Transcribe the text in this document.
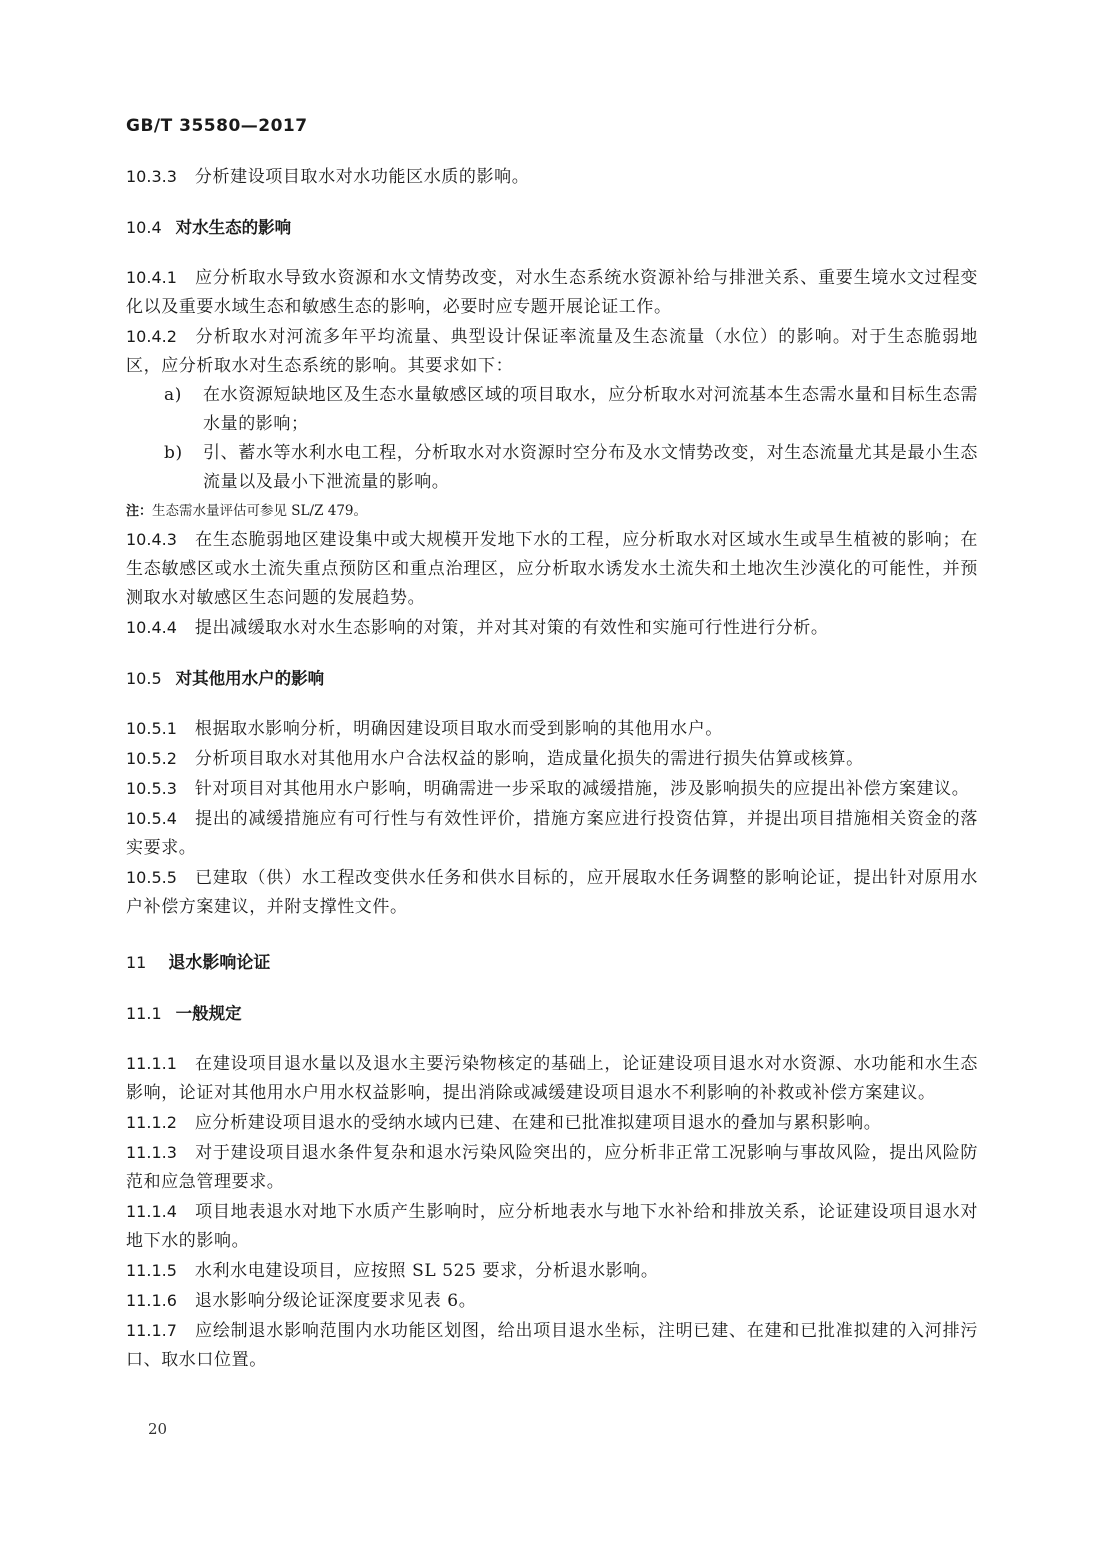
GB/T 35580—2017

10.3.3 分析建设项目取水对水功能区水质的影响。

10.4 对水生态的影响

10.4.1 应分析取水导致水资源和水文情势改变，对水生态系统水资源补给与排泄关系、重要生境水文过程变化以及重要水域生态和敏感生态的影响，必要时应专题开展论证工作。

10.4.2 分析取水对河流多年平均流量、典型设计保证率流量及生态流量（水位）的影响。对于生态脆弱地区，应分析取水对生态系统的影响。其要求如下：

a) 在水资源短缺地区及生态水量敏感区域的项目取水，应分析取水对河流基本生态需水量和目标生态需水量的影响；
b) 引、蓄水等水利水电工程，分析取水对水资源时空分布及水文情势改变，对生态流量尤其是最小生态流量以及最小下泄流量的影响。

注：生态需水量评估可参见 SL/Z 479。

10.4.3 在生态脆弱地区建设集中或大规模开发地下水的工程，应分析取水对区域水生或旱生植被的影响；在生态敏感区或水土流失重点预防区和重点治理区，应分析取水诱发水土流失和土地次生沙漠化的可能性，并预测取水对敏感区生态问题的发展趋势。

10.4.4 提出减缓取水对水生态影响的对策，并对其对策的有效性和实施可行性进行分析。

10.5 对其他用水户的影响

10.5.1 根据取水影响分析，明确因建设项目取水而受到影响的其他用水户。

10.5.2 分析项目取水对其他用水户合法权益的影响，造成量化损失的需进行损失估算或核算。

10.5.3 针对项目对其他用水户影响，明确需进一步采取的减缓措施，涉及影响损失的应提出补偿方案建议。

10.5.4 提出的减缓措施应有可行性与有效性评价，措施方案应进行投资估算，并提出项目措施相关资金的落实要求。

10.5.5 已建取（供）水工程改变供水任务和供水目标的，应开展取水任务调整的影响论证，提出针对原用水户补偿方案建议，并附支撑性文件。

11 退水影响论证

11.1 一般规定

11.1.1 在建设项目退水量以及退水主要污染物核定的基础上，论证建设项目退水对水资源、水功能和水生态影响，论证对其他用水户用水权益影响，提出消除或减缓建设项目退水不利影响的补救或补偿方案建议。

11.1.2 应分析建设项目退水的受纳水域内已建、在建和已批准拟建项目退水的叠加与累积影响。

11.1.3 对于建设项目退水条件复杂和退水污染风险突出的，应分析非正常工况影响与事故风险，提出风险防范和应急管理要求。

11.1.4 项目地表退水对地下水质产生影响时，应分析地表水与地下水补给和排放关系，论证建设项目退水对地下水的影响。

11.1.5 水利水电建设项目，应按照 SL 525 要求，分析退水影响。

11.1.6 退水影响分级论证深度要求见表 6。

11.1.7 应绘制退水影响范围内水功能区划图，给出项目退水坐标，注明已建、在建和已批准拟建的入河排污口、取水口位置。

20
